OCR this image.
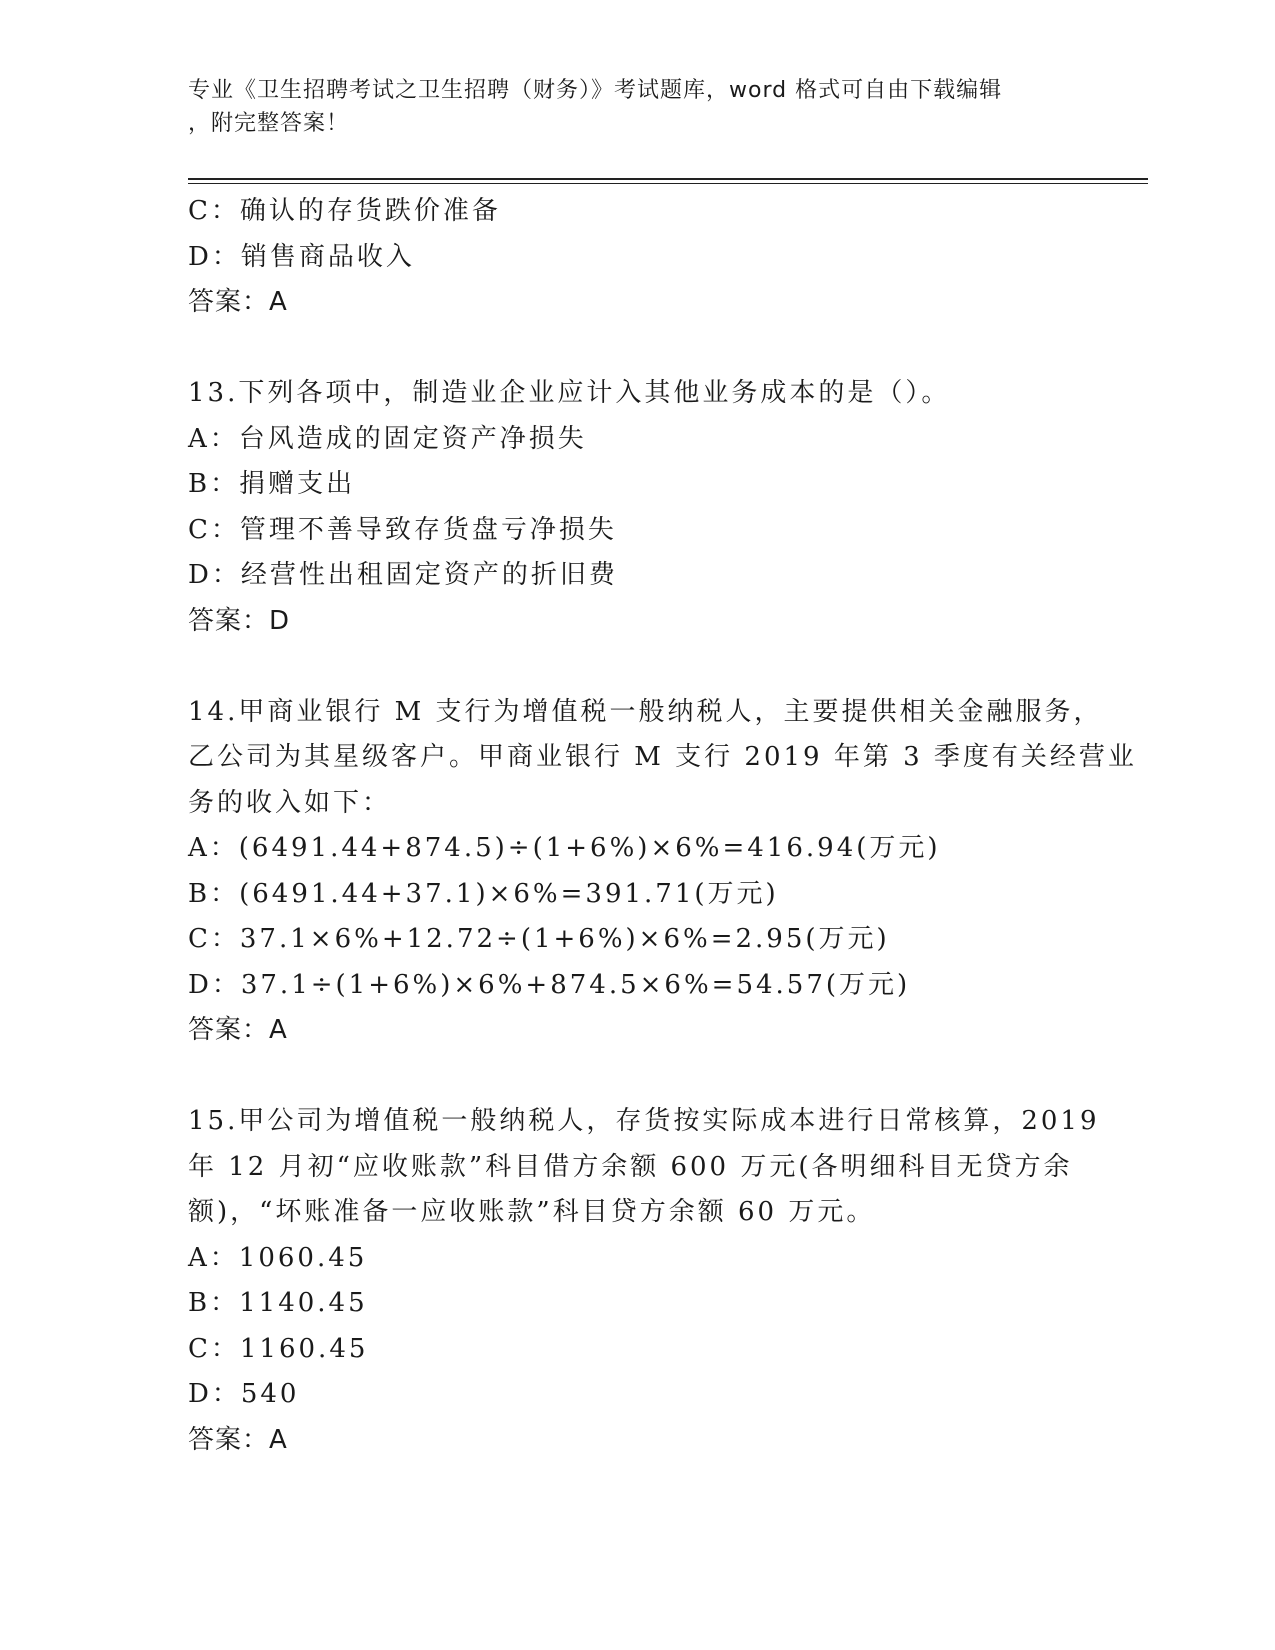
专业《卫生招聘考试之卫生招聘（财务）》考试题库，word 格式可自由下载编辑
，附完整答案！
C：确认的存货跌价准备
D：销售商品收入
答案：A
13.下列各项中，制造业企业应计入其他业务成本的是（）。
A：台风造成的固定资产净损失
B：捐赠支出
C：管理不善导致存货盘亏净损失
D：经营性出租固定资产的折旧费
答案：D
14.甲商业银行 M 支行为增值税一般纳税人，主要提供相关金融服务，
乙公司为其星级客户。甲商业银行 M 支行 2019 年第 3 季度有关经营业
务的收入如下：
A：(6491.44+874.5)÷(1+6%)×6%=416.94(万元)
B：(6491.44+37.1)×6%=391.71(万元)
C：37.1×6%+12.72÷(1+6%)×6%=2.95(万元)
D：37.1÷(1+6%)×6%+874.5×6%=54.57(万元)
答案：A
15.甲公司为增值税一般纳税人，存货按实际成本进行日常核算，2019
年 12 月初“应收账款”科目借方余额 600 万元(各明细科目无贷方余
额)，“坏账准备一应收账款”科目贷方余额 60 万元。
A：1060.45
B：1140.45
C：1160.45
D：540
答案：A
